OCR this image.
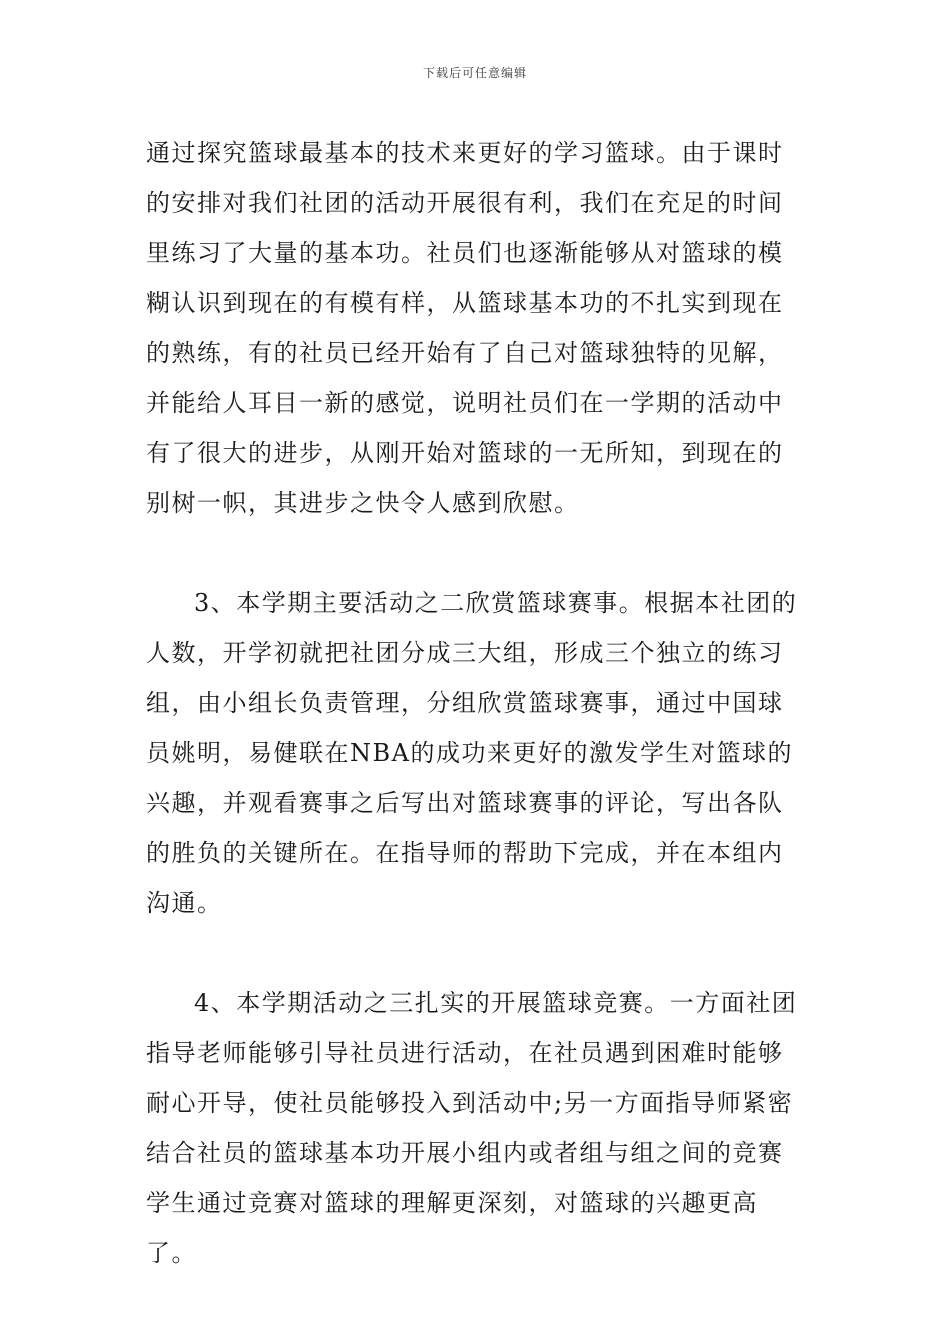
下载后可任意编辑

通过探究篮球最基本的技术来更好的学习篮球。由于课时的安排对我们社团的活动开展很有利，我们在充足的时间里练习了大量的基本功。社员们也逐渐能够从对篮球的模糊认识到现在的有模有样，从篮球基本功的不扎实到现在的熟练，有的社员已经开始有了自己对篮球独特的见解，并能给人耳目一新的感觉，说明社员们在一学期的活动中有了很大的进步，从刚开始对篮球的一无所知，到现在的别树一帜，其进步之快令人感到欣慰。

3、本学期主要活动之二欣赏篮球赛事。根据本社团的人数，开学初就把社团分成三大组，形成三个独立的练习组，由小组长负责管理，分组欣赏篮球赛事，通过中国球员姚明，易健联在NBA的成功来更好的激发学生对篮球的兴趣，并观看赛事之后写出对篮球赛事的评论，写出各队的胜负的关键所在。在指导师的帮助下完成，并在本组内沟通。

4、本学期活动之三扎实的开展篮球竞赛。一方面社团指导老师能够引导社员进行活动，在社员遇到困难时能够耐心开导，使社员能够投入到活动中;另一方面指导师紧密结合社员的篮球基本功开展小组内或者组与组之间的竞赛学生通过竞赛对篮球的理解更深刻，对篮球的兴趣更高了。
